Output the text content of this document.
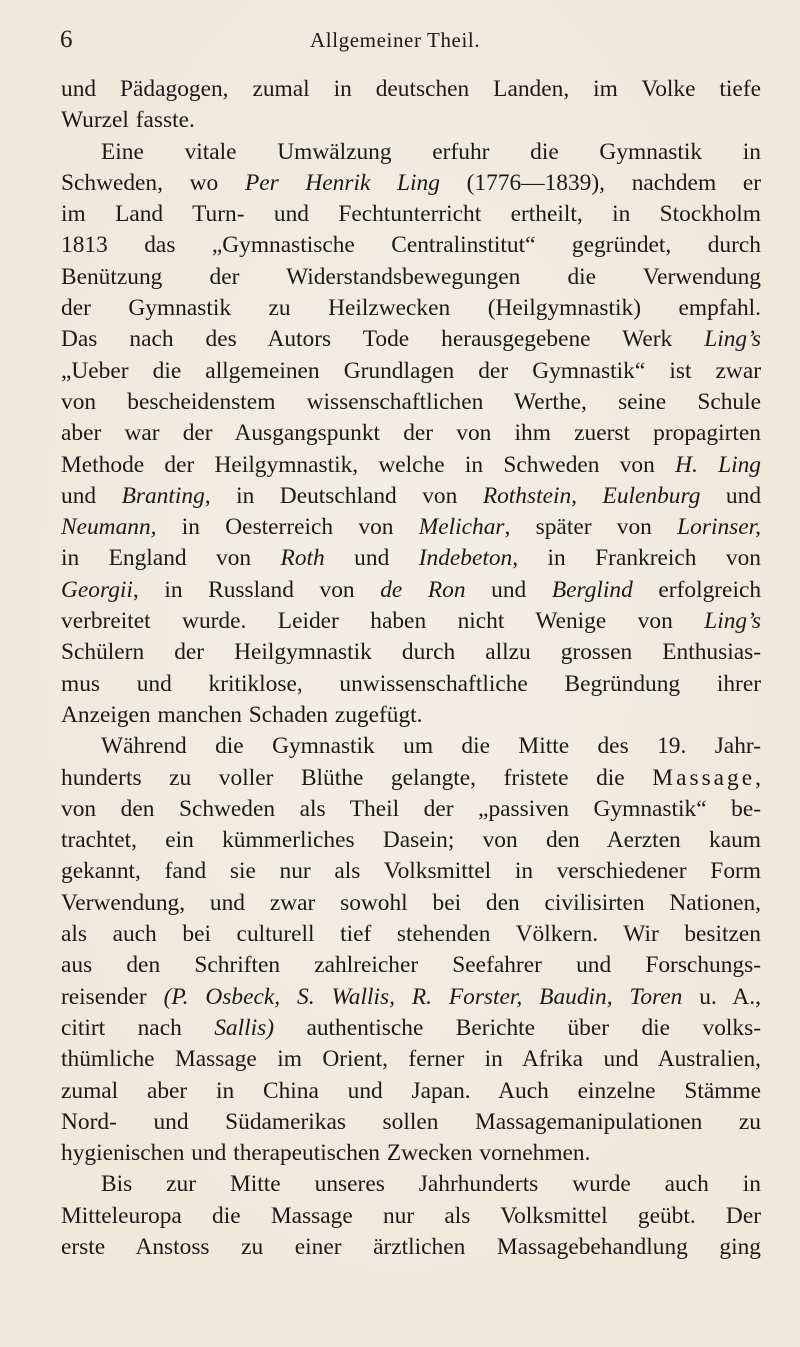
6	Allgemeiner Theil.
und Pädagogen, zumal in deutschen Landen, im Volke tiefe
Wurzel fasste.
Eine vitale Umwälzung erfuhr die Gymnastik in
Schweden, wo Per Henrik Ling (1776—1839), nachdem er
im Land Turn- und Fechtunterricht ertheilt, in Stockholm
1813 das „Gymnastische Centralinstitut“ gegründet, durch
Benützung der Widerstandsbewegungen die Verwendung
der Gymnastik zu Heilzwecken (Heilgymnastik) empfahl.
Das nach des Autors Tode herausgegebene Werk Ling’s
„Ueber die allgemeinen Grundlagen der Gymnastik“ ist zwar
von bescheidenstem wissenschaftlichen Werthe, seine Schule
aber war der Ausgangspunkt der von ihm zuerst propagirten
Methode der Heilgymnastik, welche in Schweden von H. Ling
und Branting, in Deutschland von Rothstein, Eulenburg und
Neumann, in Oesterreich von Melichar, später von Lorinser,
in England von Roth und Indebeton, in Frankreich von
Georgii, in Russland von de Ron und Berglind erfolgreich
verbreitet wurde. Leider haben nicht Wenige von Ling’s
Schülern der Heilgymnastik durch allzu grossen Enthusias-
mus und kritiklose, unwissenschaftliche Begründung ihrer
Anzeigen manchen Schaden zugefügt.
Während die Gymnastik um die Mitte des 19. Jahr-
hunderts zu voller Blüthe gelangte, fristete die Massage,
von den Schweden als Theil der „passiven Gymnastik“ be-
trachtet, ein kümmerliches Dasein; von den Aerzten kaum
gekannt, fand sie nur als Volksmittel in verschiedener Form
Verwendung, und zwar sowohl bei den civilisirten Nationen,
als auch bei culturell tief stehenden Völkern. Wir besitzen
aus den Schriften zahlreicher Seefahrer und Forschungs-
reisender (P. Osbeck, S. Wallis, R. Forster, Baudin, Toren u. A.,
citirt nach Sallis) authentische Berichte über die volks-
thümliche Massage im Orient, ferner in Afrika und Australien,
zumal aber in China und Japan. Auch einzelne Stämme
Nord- und Südamerikas sollen Massagemanipulationen zu
hygienischen und therapeutischen Zwecken vornehmen.
Bis zur Mitte unseres Jahrhunderts wurde auch in
Mitteleuropa die Massage nur als Volksmittel geübt. Der
erste Anstoss zu einer ärztlichen Massagebehandlung ging
